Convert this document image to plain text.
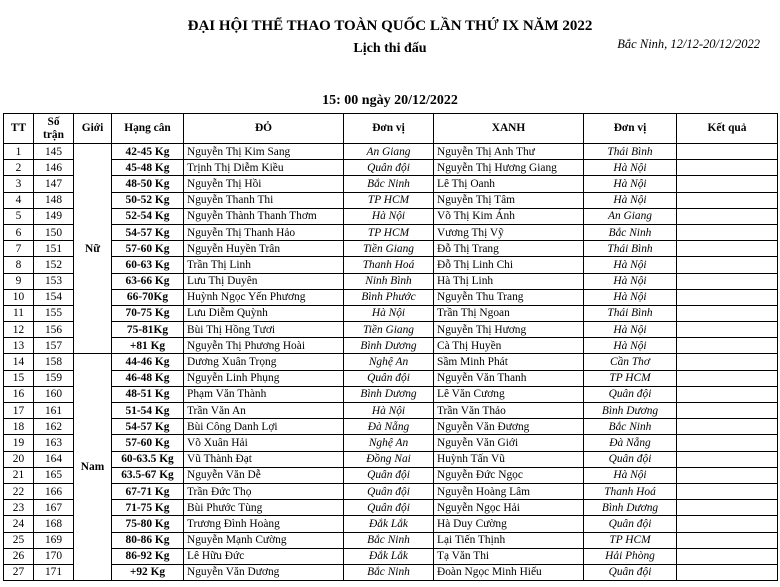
ĐẠI HỘI THỂ THAO TOÀN QUỐC LẦN THỨ IX NĂM 2022
Lịch thi đấu	Bắc Ninh, 12/12-20/12/2022
15: 00 ngày 20/12/2022
TT	Số trận	Giới	Hạng cân	ĐỎ	Đơn vị	XANH	Đơn vị	Kết quả
1	145	Nữ	42-45 Kg	Nguyễn Thị Kim Sang	An Giang	Nguyễn Thị Anh Thư	Thái Bình	
2	146		45-48 Kg	Trịnh Thị Diễm Kiều	Quân đội	Nguyễn Thị Hương Giang	Hà Nội	
3	147		48-50 Kg	Nguyễn Thị Hồi	Bắc Ninh	Lê Thị Oanh	Hà Nội	
4	148		50-52 Kg	Nguyễn Thanh Thi	TP HCM	Nguyễn Thị Tâm	Hà Nội	
5	149		52-54 Kg	Nguyễn Thành Thanh Thơm	Hà Nội	Võ Thị Kim Ánh	An Giang	
6	150		54-57 Kg	Nguyễn Thị Thanh Hảo	TP HCM	Vương Thị Vỹ	Bắc Ninh	
7	151		57-60 Kg	Nguyễn Huyền Trân	Tiền Giang	Đỗ Thị Trang	Thái Bình	
8	152		60-63 Kg	Trần Thị Linh	Thanh Hoá	Đỗ Thị Linh Chi	Hà Nội	
9	153		63-66 Kg	Lưu Thị Duyên	Ninh Bình	Hà Thị Linh	Hà Nội	
10	154		66-70Kg	Huỳnh Ngọc Yến Phương	Bình Phước	Nguyễn Thu Trang	Hà Nội	
11	155		70-75 Kg	Lưu Diễm Quỳnh	Hà Nội	Trần Thị Ngoan	Thái Bình	
12	156		75-81Kg	Bùi Thị Hồng Tươi	Tiền Giang	Nguyễn Thị Hương	Hà Nội	
13	157		+81 Kg	Nguyễn Thị Phương Hoài	Bình Dương	Cà Thị Huyền	Hà Nội	
14	158	Nam	44-46 Kg	Dương Xuân Trọng	Nghệ An	Sầm Minh Phát	Cần Thơ	
15	159		46-48 Kg	Nguyễn Linh Phụng	Quân đội	Nguyễn Văn Thanh	TP HCM	
16	160		48-51 Kg	Phạm Văn Thành	Bình Dương	Lê Văn Cương	Quân đội	
17	161		51-54 Kg	Trần Văn An	Hà Nội	Trần Văn Thảo	Bình Dương	
18	162		54-57 Kg	Bùi Công Danh Lợi	Đà Nẵng	Nguyễn Văn Đương	Bắc Ninh	
19	163		57-60 Kg	Võ Xuân Hải	Nghệ An	Nguyễn Văn Giới	Đà Nẵng	
20	164		60-63.5 Kg	Vũ Thành Đạt	Đồng Nai	Huỳnh Tấn Vũ	Quân đội	
21	165		63.5-67 Kg	Nguyễn Văn Dễ	Quân đội	Nguyễn Đức Ngọc	Hà Nội	
22	166		67-71 Kg	Trần Đức Thọ	Quân đội	Nguyễn Hoàng Lâm	Thanh Hoá	
23	167		71-75 Kg	Bùi Phước Tùng	Quân đội	Nguyễn Ngọc Hải	Bình Dương	
24	168		75-80 Kg	Trương Đình Hoàng	Đắk Lắk	Hà Duy Cường	Quân đội	
25	169		80-86 Kg	Nguyễn Mạnh Cường	Bắc Ninh	Lại Tiến Thịnh	TP HCM	
26	170		86-92 Kg	Lê Hữu Đức	Đắk Lắk	Tạ Văn Thi	Hải Phòng	
27	171		+92 Kg	Nguyễn Văn Dương	Bắc Ninh	Đoàn Ngọc Minh Hiếu	Quân đội	
